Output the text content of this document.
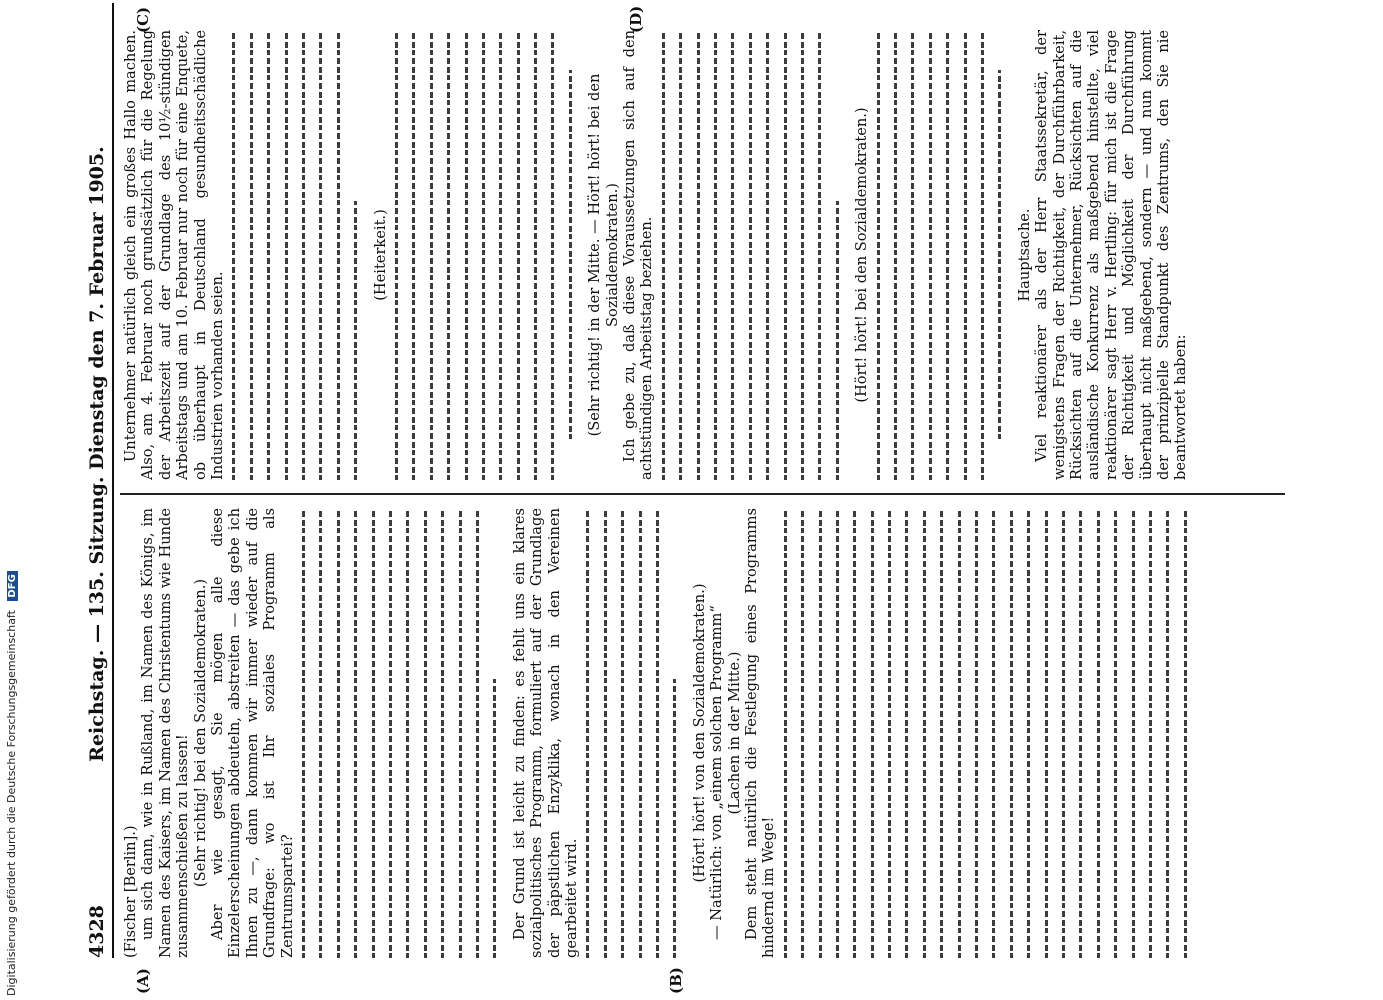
4328
Reichstag. — 135. Sitzung. Dienstag den 7. Februar 1905.
(A)	(B)
(C)	(D)

(Fischer [Berlin].) um sich dann, wie in Rußland, im Namen des Königs, im Namen des Kaisers, im Namen des Christentums wie Hunde zusammenschießen zu lassen! (Sehr richtig! bei den Sozialdemokraten.) Aber wie gesagt, Sie mögen alle diese Einzelerscheinungen abdeuteln, abstreiten — das gebe ich Ihnen zu —, dann kommen wir immer wieder auf die Grundfrage: wo ist Ihr soziales Programm als Zentrumspartei?	Der Grund ist leicht zu finden: es fehlt uns ein klares sozialpolitisches Programm, formuliert auf der Grundlage der päpstlichen Enzyklika, wonach in den Vereinen gearbeitet wird.

(Hört! hört! von den Sozialdemokraten.) — Natürlich: von „einem solchen Programm“ (Lachen in der Mitte.) Dem steht natürlich die Festlegung eines Programms hindernd im Wege!

Unternehmer natürlich gleich ein großes Hallo machen. Also, am 4. Februar noch grundsätzlich für die Regelung der Arbeitszeit auf der Grundlage des 10½-stündigen Arbeitstags und am 10. Februar nur noch für eine Enquete, ob überhaupt in Deutschland gesundheitsschädliche Industrien vorhanden seien.

(Heiterkeit.)	(Sehr richtig! in der Mitte. — Hört! hört! bei den Sozialdemokraten.) Ich gebe zu, daß diese Voraussetzungen sich auf den achtstündigen Arbeitstag beziehen.	(Hört! hört! bei den Sozialdemokraten.)	Hauptsache. Viel reaktionärer als der Herr Staatssekretär, der wenigstens Fragen der Richtigkeit, der Durchführbarkeit, Rücksichten auf die Unternehmer, Rücksichten auf die ausländische Konkurrenz als maßgebend hinstellte, viel reaktionärer sagt Herr v. Hertling: für mich ist die Frage der Richtigkeit und Möglichkeit der Durchführung überhaupt nicht maßgebend, sondern — und nun kommt der prinzipielle Standpunkt des Zentrums, den Sie nie beantwortet haben:

Digitalisierung gefördert durch die Deutsche Forschungsgemeinschaft DFG
